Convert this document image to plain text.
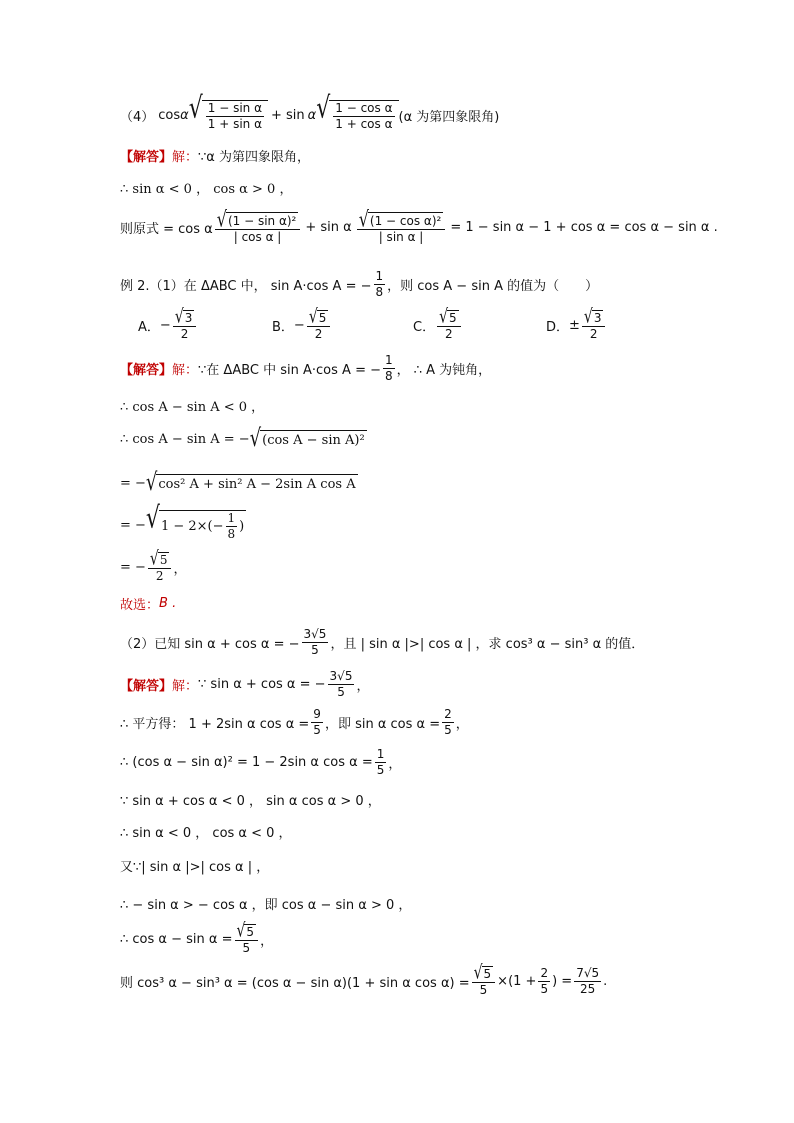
（4） cos α √ $\frac{\text{1 − sin α}}{\text{1 + sin α}} + \sin \alpha$ √ $\frac{\text{1 − cos α}}{\text{1 + cos α}} (\alpha$ 为第四象限角)
【解答】 解： ∵α 为第四象限角，
∴ sin α < 0 ， cos α > 0 ，
则原式 = cos α $\frac{\text{√ (1 − sin α)²}}{\text{| cos α |}} + \sin \alpha \frac{\text{√ (1 − cos α)²}}{\text{| sin α |}} = 1 - \sin \alpha - 1 + \cos \alpha = \cos \alpha - \sin \alpha$ .
例 2.（1）在 ΔABC 中， sin A·cos A = − $\frac{1}{8}$ ，则 cos A − sin A 的值为（　　）
A． − $\frac{√ 3}{2}$	B． − $\frac{√ 5}{2}$	C． $\frac{√ 5}{2}$	D． ± $\frac{√ 3}{2}$
【解答】 解： ∵在 ΔABC 中 sin A·cos A = − $\frac{1}{8}$ ， ∴ A 为钝角，
∴ cos A − sin A < 0 ，
∴ cos A − sin A = − √ (cos A − sin A)²
= − √ cos² A + sin² A − 2sin A cos A
= − √ $1 - 2\times(- \frac{1}{8}$ )
= − $\frac{√ 5}{2}$ ，
故选： B .
（2）已知 sin α + cos α = − $\frac{3√5}{5}$ ，且 | sin α |>| cos α | ，求 cos³ α − sin³ α 的值．
【解答】 解： ∵ sin α + cos α = − $\frac{3√5}{5}$ ，
∴ 平方得： 1 + 2sin α $\cos \alpha = \frac{9}{5}$ ，即 sin α $\cos \alpha = \frac{2}{5}$ ，
∴ (cos α − sin α)² = 1 − 2sin α $\cos \alpha = \frac{1}{5}$ ，
∵ sin α + cos α < 0 ， sin α cos α > 0 ，
∴ sin α < 0 ， cos α < 0 ，
又∵| sin α |>| cos α | ，
∴ − sin α > − cos α ，即 cos α − sin α > 0 ，
∴ $\cos \alpha - \sin \alpha = \frac{√ 5}{5}$ ，
则 cos³ α − sin³ α = (cos α − sin α)(1 + sin α $\cos \alpha) = \frac{√ 5}{5} \times(1 + \frac{2}{5}$ ) = $\frac{7√5}{25}$ .
